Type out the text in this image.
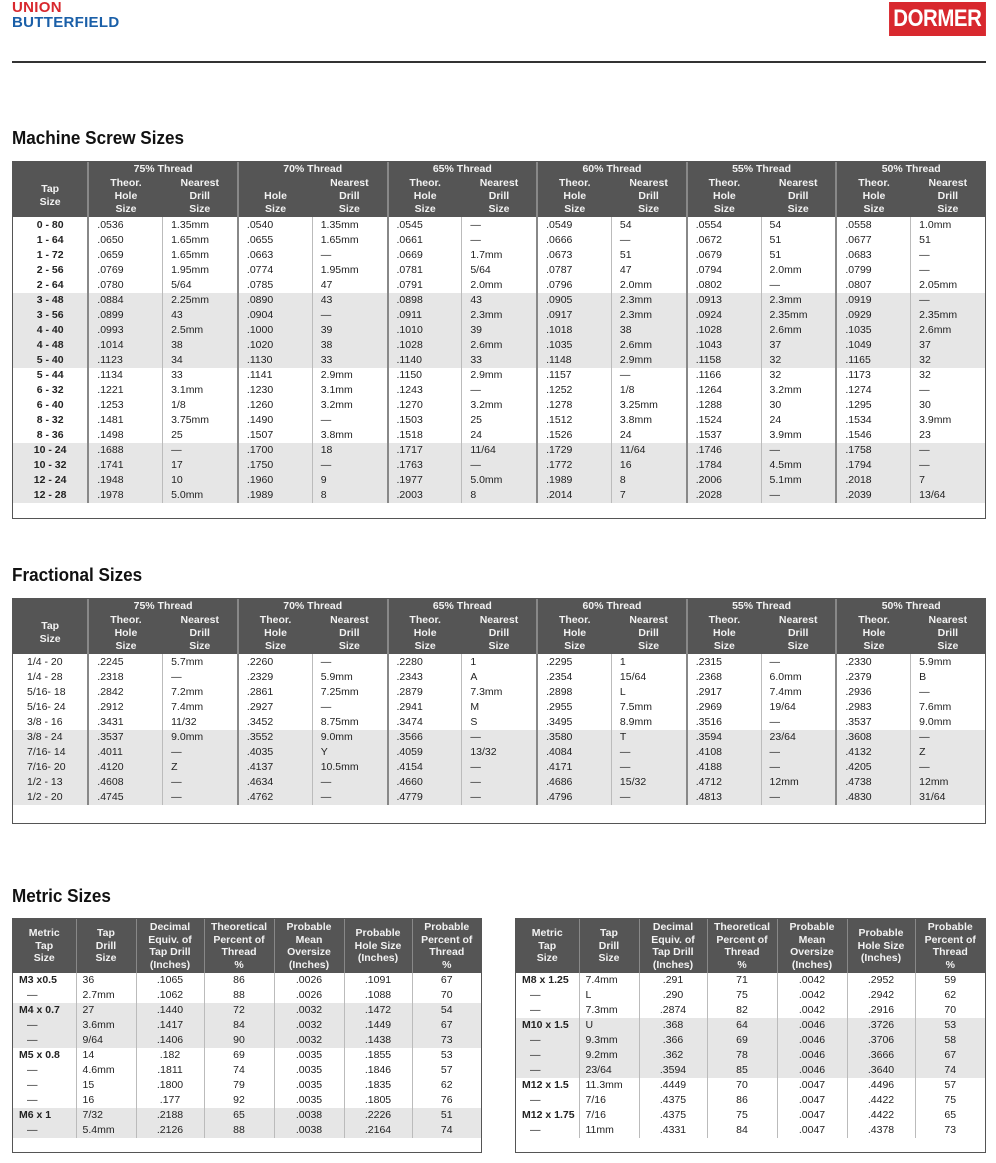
UNION
BUTTERFIELD	DORMER
Machine Screw Sizes
Tap
Size	75% Thread		70% Thread		65% Thread		60% Thread		55% Thread		50% Thread	
	Theor.
Hole
Size	Nearest
Drill
Size	Hole
Size	Nearest
Drill
Size	Theor.
Hole
Size	Nearest
Drill
Size	Theor.
Hole
Size	Nearest
Drill
Size	Theor.
Hole
Size	Nearest
Drill
Size	Theor.
Hole
Size	Nearest
Drill
Size
0 - 80	.0536	1.35mm	.0540	1.35mm	.0545	—	.0549	54	.0554	54	.0558	1.0mm
1 - 64	.0650	1.65mm	.0655	1.65mm	.0661	—	.0666	—	.0672	51	.0677	51
1 - 72	.0659	1.65mm	.0663	—	.0669	1.7mm	.0673	51	.0679	51	.0683	—
2 - 56	.0769	1.95mm	.0774	1.95mm	.0781	5/64	.0787	47	.0794	2.0mm	.0799	—
2 - 64	.0780	5/64	.0785	47	.0791	2.0mm	.0796	2.0mm	.0802	—	.0807	2.05mm
3 - 48	.0884	2.25mm	.0890	43	.0898	43	.0905	2.3mm	.0913	2.3mm	.0919	—
3 - 56	.0899	43	.0904	—	.0911	2.3mm	.0917	2.3mm	.0924	2.35mm	.0929	2.35mm
4 - 40	.0993	2.5mm	.1000	39	.1010	39	.1018	38	.1028	2.6mm	.1035	2.6mm
4 - 48	.1014	38	.1020	38	.1028	2.6mm	.1035	2.6mm	.1043	37	.1049	37
5 - 40	.1123	34	.1130	33	.1140	33	.1148	2.9mm	.1158	32	.1165	32
5 - 44	.1134	33	.1141	2.9mm	.1150	2.9mm	.1157	—	.1166	32	.1173	32
6 - 32	.1221	3.1mm	.1230	3.1mm	.1243	—	.1252	1/8	.1264	3.2mm	.1274	—
6 - 40	.1253	1/8	.1260	3.2mm	.1270	3.2mm	.1278	3.25mm	.1288	30	.1295	30
8 - 32	.1481	3.75mm	.1490	—	.1503	25	.1512	3.8mm	.1524	24	.1534	3.9mm
8 - 36	.1498	25	.1507	3.8mm	.1518	24	.1526	24	.1537	3.9mm	.1546	23
10 - 24	.1688	—	.1700	18	.1717	11/64	.1729	11/64	.1746	—	.1758	—
10 - 32	.1741	17	.1750	—	.1763	—	.1772	16	.1784	4.5mm	.1794	—
12 - 24	.1948	10	.1960	9	.1977	5.0mm	.1989	8	.2006	5.1mm	.2018	7
12 - 28	.1978	5.0mm	.1989	8	.2003	8	.2014	7	.2028	—	.2039	13/64
Fractional Sizes
Tap
Size	75% Thread		70% Thread		65% Thread		60% Thread		55% Thread		50% Thread	
	Theor.
Hole
Size	Nearest
Drill
Size	Theor.
Hole
Size	Nearest
Drill
Size	Theor.
Hole
Size	Nearest
Drill
Size	Theor.
Hole
Size	Nearest
Drill
Size	Theor.
Hole
Size	Nearest
Drill
Size	Theor.
Hole
Size	Nearest
Drill
Size
1/4 - 20	.2245	5.7mm	.2260	—	.2280	1	.2295	1	.2315	—	.2330	5.9mm
1/4 - 28	.2318	—	.2329	5.9mm	.2343	A	.2354	15/64	.2368	6.0mm	.2379	B
5/16- 18	.2842	7.2mm	.2861	7.25mm	.2879	7.3mm	.2898	L	.2917	7.4mm	.2936	—
5/16- 24	.2912	7.4mm	.2927	—	.2941	M	.2955	7.5mm	.2969	19/64	.2983	7.6mm
3/8 - 16	.3431	11/32	.3452	8.75mm	.3474	S	.3495	8.9mm	.3516	—	.3537	9.0mm
3/8 - 24	.3537	9.0mm	.3552	9.0mm	.3566	—	.3580	T	.3594	23/64	.3608	—
7/16- 14	.4011	—	.4035	Y	.4059	13/32	.4084	—	.4108	—	.4132	Z
7/16- 20	.4120	Z	.4137	10.5mm	.4154	—	.4171	—	.4188	—	.4205	—
1/2 - 13	.4608	—	.4634	—	.4660	—	.4686	15/32	.4712	12mm	.4738	12mm
1/2 - 20	.4745	—	.4762	—	.4779	—	.4796	—	.4813	—	.4830	31/64
Metric Sizes
Metric
Tap
Size	Tap
Drill
Size	Decimal
Equiv. of
Tap Drill
(Inches)	Theoretical
Percent of
Thread
%	Probable
Mean
Oversize
(Inches)	Probable
Hole Size
(Inches)	Probable
Percent of
Thread
%
M3 x0.5	36	.1065	86	.0026	.1091	67
—	2.7mm	.1062	88	.0026	.1088	70
M4 x 0.7	27	.1440	72	.0032	.1472	54
—	3.6mm	.1417	84	.0032	.1449	67
—	9/64	.1406	90	.0032	.1438	73
M5 x 0.8	14	.182	69	.0035	.1855	53
—	4.6mm	.1811	74	.0035	.1846	57
—	15	.1800	79	.0035	.1835	62
—	16	.177	92	.0035	.1805	76
M6 x 1	7/32	.2188	65	.0038	.2226	51
—	5.4mm	.2126	88	.0038	.2164	74
Metric
Tap
Size	Tap
Drill
Size	Decimal
Equiv. of
Tap Drill
(Inches)	Theoretical
Percent of
Thread
%	Probable
Mean
Oversize
(Inches)	Probable
Hole Size
(Inches)	Probable
Percent of
Thread
%
M8 x 1.25	7.4mm	.291	71	.0042	.2952	59
—	L	.290	75	.0042	.2942	62
—	7.3mm	.2874	82	.0042	.2916	70
M10 x 1.5	U	.368	64	.0046	.3726	53
—	9.3mm	.366	69	.0046	.3706	58
—	9.2mm	.362	78	.0046	.3666	67
—	23/64	.3594	85	.0046	.3640	74
M12 x 1.5	11.3mm	.4449	70	.0047	.4496	57
—	7/16	.4375	86	.0047	.4422	75
M12 x 1.75	7/16	.4375	75	.0047	.4422	65
—	11mm	.4331	84	.0047	.4378	73
